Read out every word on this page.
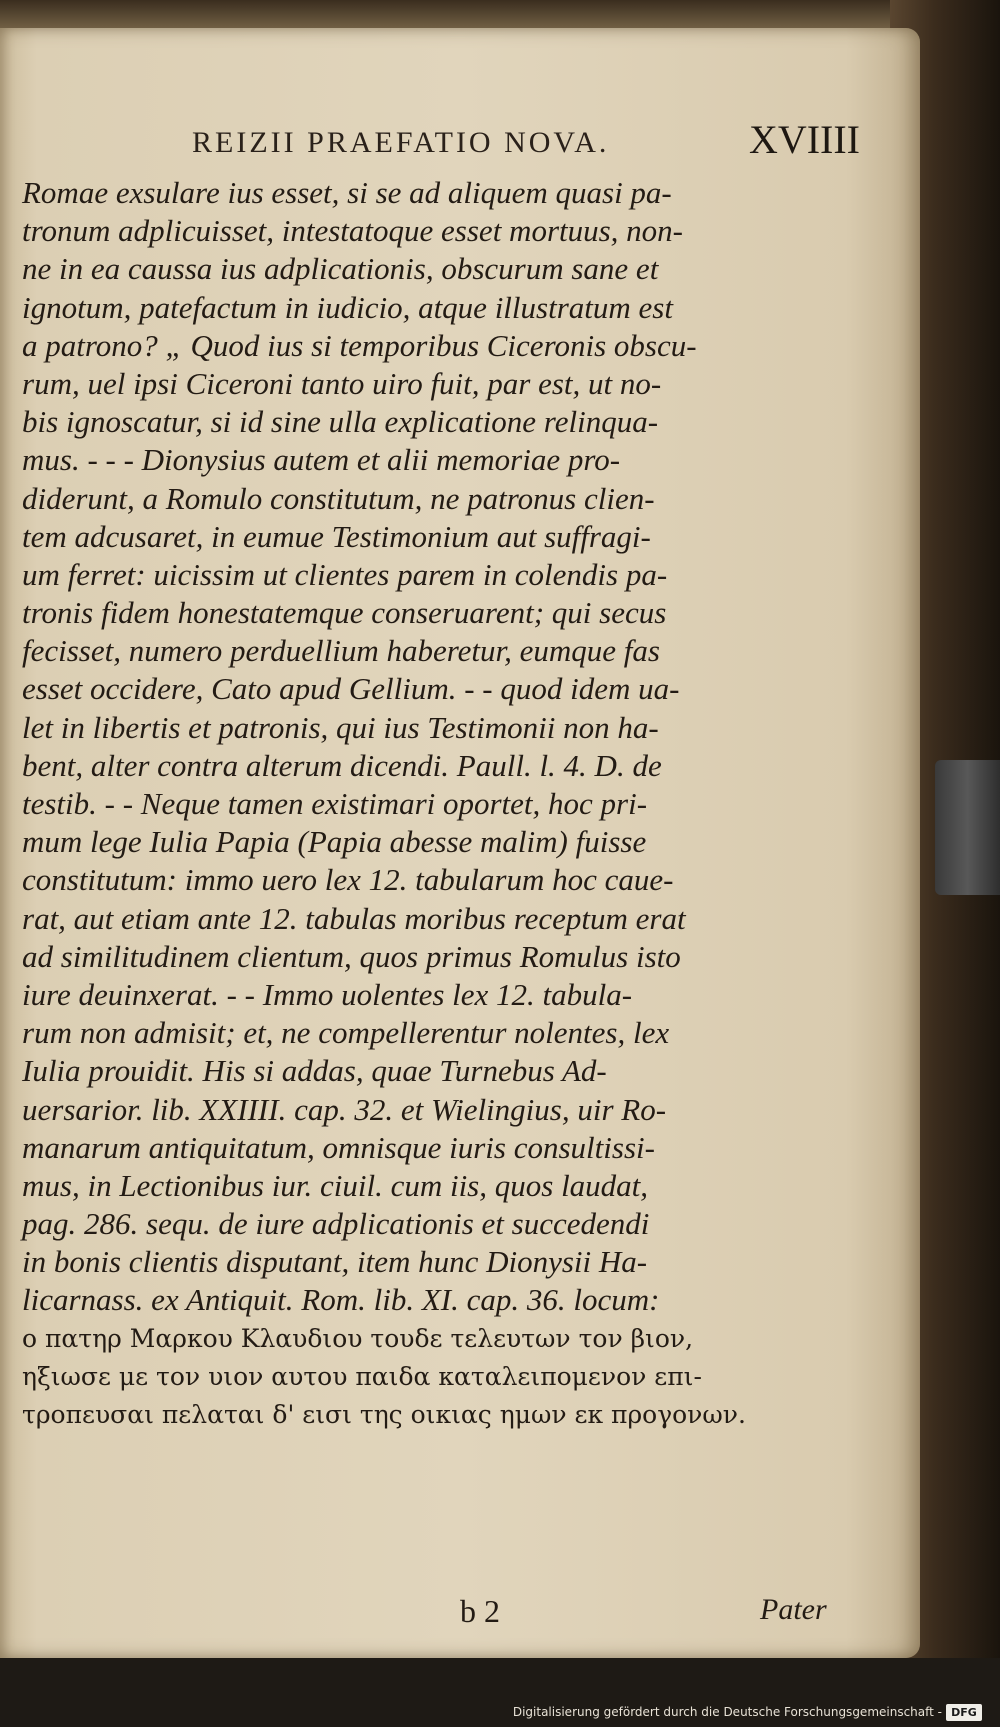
REIZII PRAEFATIO NOVA.	XVIIII
Romae exsulare ius esset, si se ad aliquem quasi pa-
tronum adplicuisset, intestatoque esset mortuus, non-
ne in ea caussa ius adplicationis, obscurum sane et
ignotum, patefactum in iudicio, atque illustratum est
a patrono? „ Quod ius si temporibus Ciceronis obscu-
rum, uel ipsi Ciceroni tanto uiro fuit, par est, ut no-
bis ignoscatur, si id sine ulla explicatione relinqua-
mus. - - - Dionysius autem et alii memoriae pro-
diderunt, a Romulo constitutum, ne patronus clien-
tem adcusaret, in eumue Testimonium aut suffragi-
um ferret: uicissim ut clientes parem in colendis pa-
tronis fidem honestatemque conseruarent; qui secus
fecisset, numero perduellium haberetur, eumque fas
esset occidere, Cato apud Gellium. - - quod idem ua-
let in libertis et patronis, qui ius Testimonii non ha-
bent, alter contra alterum dicendi. Paull. l. 4. D. de
testib. - - Neque tamen existimari oportet, hoc pri-
mum lege Iulia Papia (Papia abesse malim) fuisse
constitutum: immo uero lex 12. tabularum hoc caue-
rat, aut etiam ante 12. tabulas moribus receptum erat
ad similitudinem clientum, quos primus Romulus isto
iure deuinxerat. - - Immo uolentes lex 12. tabula-
rum non admisit; et, ne compellerentur nolentes, lex
Iulia prouidit. His si addas, quae Turnebus Ad-
uersarior. lib. XXIIII. cap. 32. et Wielingius, uir Ro-
manarum antiquitatum, omnisque iuris consultissi-
mus, in Lectionibus iur. ciuil. cum iis, quos laudat,
pag. 286. sequ. de iure adplicationis et succedendi
in bonis clientis disputant, item hunc Dionysii Ha-
licarnass. ex Antiquit. Rom. lib. XI. cap. 36. locum:
ο πατηρ Μαρκου Κλαυδιου τουδε τελευτων τον βιον,
ηξιωσε με τον υιον αυτου παιδα καταλειπομενον επι-
τροπευσαι πελαται δ' εισι της οικιας ημων εκ προγονων.
b 2	Pater
Digitalisierung gefördert durch die Deutsche Forschungsgemeinschaft - DFG
